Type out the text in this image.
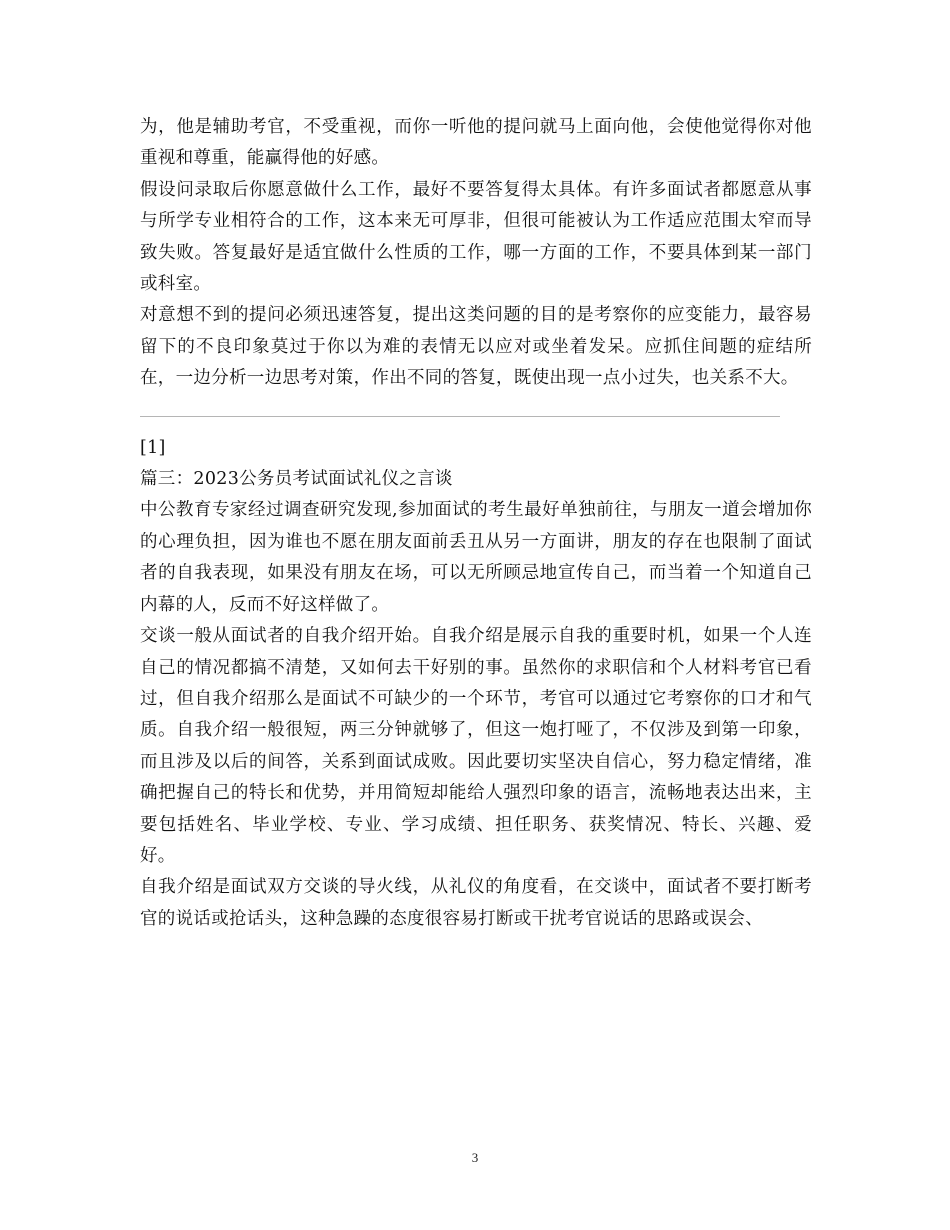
为，他是辅助考官，不受重视，而你一听他的提问就马上面向他，会使他觉得你对他重视和尊重，能赢得他的好感。

假设问录取后你愿意做什么工作，最好不要答复得太具体。有许多面试者都愿意从事与所学专业相符合的工作，这本来无可厚非，但很可能被认为工作适应范围太窄而导致失败。答复最好是适宜做什么性质的工作，哪一方面的工作，不要具体到某一部门或科室。

对意想不到的提问必须迅速答复，提出这类问题的目的是考察你的应变能力，最容易留下的不良印象莫过于你以为难的表情无以应对或坐着发呆。应抓住间题的症结所在，一边分析一边思考对策，作出不同的答复，既使出现一点小过失，也关系不大。

[1]

篇三：2023公务员考试面试礼仪之言谈

中公教育专家经过调查研究发现,参加面试的考生最好单独前往，与朋友一道会增加你的心理负担，因为谁也不愿在朋友面前丢丑从另一方面讲，朋友的存在也限制了面试者的自我表现，如果没有朋友在场，可以无所顾忌地宣传自己，而当着一个知道自己内幕的人，反而不好这样做了。

交谈一般从面试者的自我介绍开始。自我介绍是展示自我的重要时机，如果一个人连自己的情况都搞不清楚，又如何去干好别的事。虽然你的求职信和个人材料考官已看过，但自我介绍那么是面试不可缺少的一个环节，考官可以通过它考察你的口才和气质。自我介绍一般很短，两三分钟就够了，但这一炮打哑了，不仅涉及到第一印象，而且涉及以后的间答，关系到面试成败。因此要切实坚决自信心，努力稳定情绪，准确把握自己的特长和优势，并用简短却能给人强烈印象的语言，流畅地表达出来，主要包括姓名、毕业学校、专业、学习成绩、担任职务、获奖情况、特长、兴趣、爱好。

自我介绍是面试双方交谈的导火线，从礼仪的角度看，在交谈中，面试者不要打断考官的说话或抢话头，这种急躁的态度很容易打断或干扰考官说话的思路或误会、

3
